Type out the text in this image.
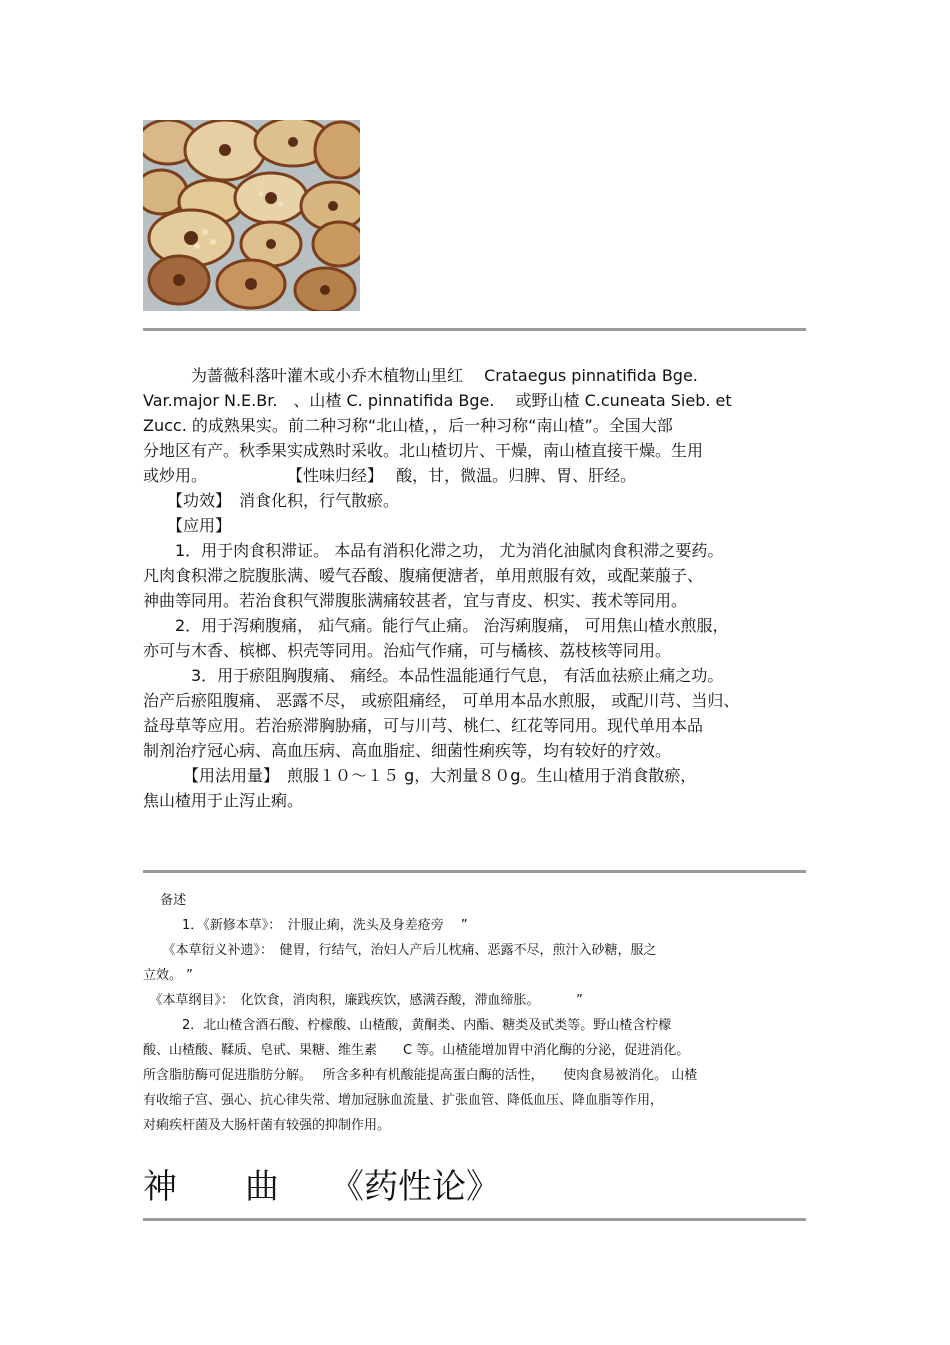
　　　为蔷薇科落叶灌木或小乔木植物山里红　 Crataegus pinnatifida Bge.

Var.major N.E.Br.　、山楂 C. pinnatifida Bge.　 或野山楂 C.cuneata Sieb. et

Zucc. 的成熟果实。前二种习称“北山楂，，后一种习称“南山楂”。全国大部

分地区有产。秋季果实成熟时采收。北山楂切片、干燥，南山楂直接干燥。生用

或炒用。　　　　　　【性味归经】　 酸，甘，微温。归脾、胃、肝经。

　　【功效】　消食化积，行气散瘀。

　　【应用】

　　1．用于肉食积滞证。 本品有消积化滞之功， 尤为消化油腻肉食积滞之要药。

凡肉食积滞之脘腹胀满、嗳气吞酸、腹痛便溏者，单用煎服有效，或配莱菔子、

神曲等同用。若治食积气滞腹胀满痛较甚者，宜与青皮、枳实、莪术等同用。

　　2．用于泻痢腹痛， 疝气痛。能行气止痛。 治泻痢腹痛， 可用焦山楂水煎服，

亦可与木香、槟榔、枳壳等同用。治疝气作痛，可与橘核、荔枝核等同用。

　　　3．用于瘀阻胸腹痛、 痛经。本品性温能通行气息， 有活血祛瘀止痛之功。

治产后瘀阻腹痛、 恶露不尽， 或瘀阻痛经， 可单用本品水煎服， 或配川芎、当归、

益母草等应用。若治瘀滞胸胁痛，可与川芎、桃仁、红花等同用。现代单用本品

制剂治疗冠心病、高血压病、高血脂症、细菌性痢疾等，均有较好的疗效。

　　　【用法用量】　煎服１０～１５ g，大剂量８０g。生山楂用于消食散瘀，

焦山楂用于止泻止痢。

　 备述

　　　1．《新修本草》：　汁服止痢，洗头及身差疮旁　 ”

　　《本草衍义补遗》：　健胃，行结气，治妇人产后儿枕痛、恶露不尽，煎汁入砂糖，服之

立效。 ”

　《本草纲目》：　化饮食，消肉积，廉践疾饮，感满吞酸，滞血缔胀。　　　 ”

　　　2．北山楂含酒石酸、柠檬酸、山楂酸，黄酮类、内酯、糖类及甙类等。野山楂含柠檬

酸、山楂酸、鞣质、皂甙、果糖、维生素　　C 等。山楂能增加胃中消化酶的分泌，促进消化。

所含脂肪酶可促进脂肪分解。　 所含多种有机酸能提高蛋白酶的活性，　　使肉食易被消化。 山楂

有收缩子宫、强心、抗心律失常、增加冠脉血流量、扩张血管、降低血压、降血脂等作用，

对痢疾杆菌及大肠杆菌有较强的抑制作用。

神　　曲　　《药性论》
